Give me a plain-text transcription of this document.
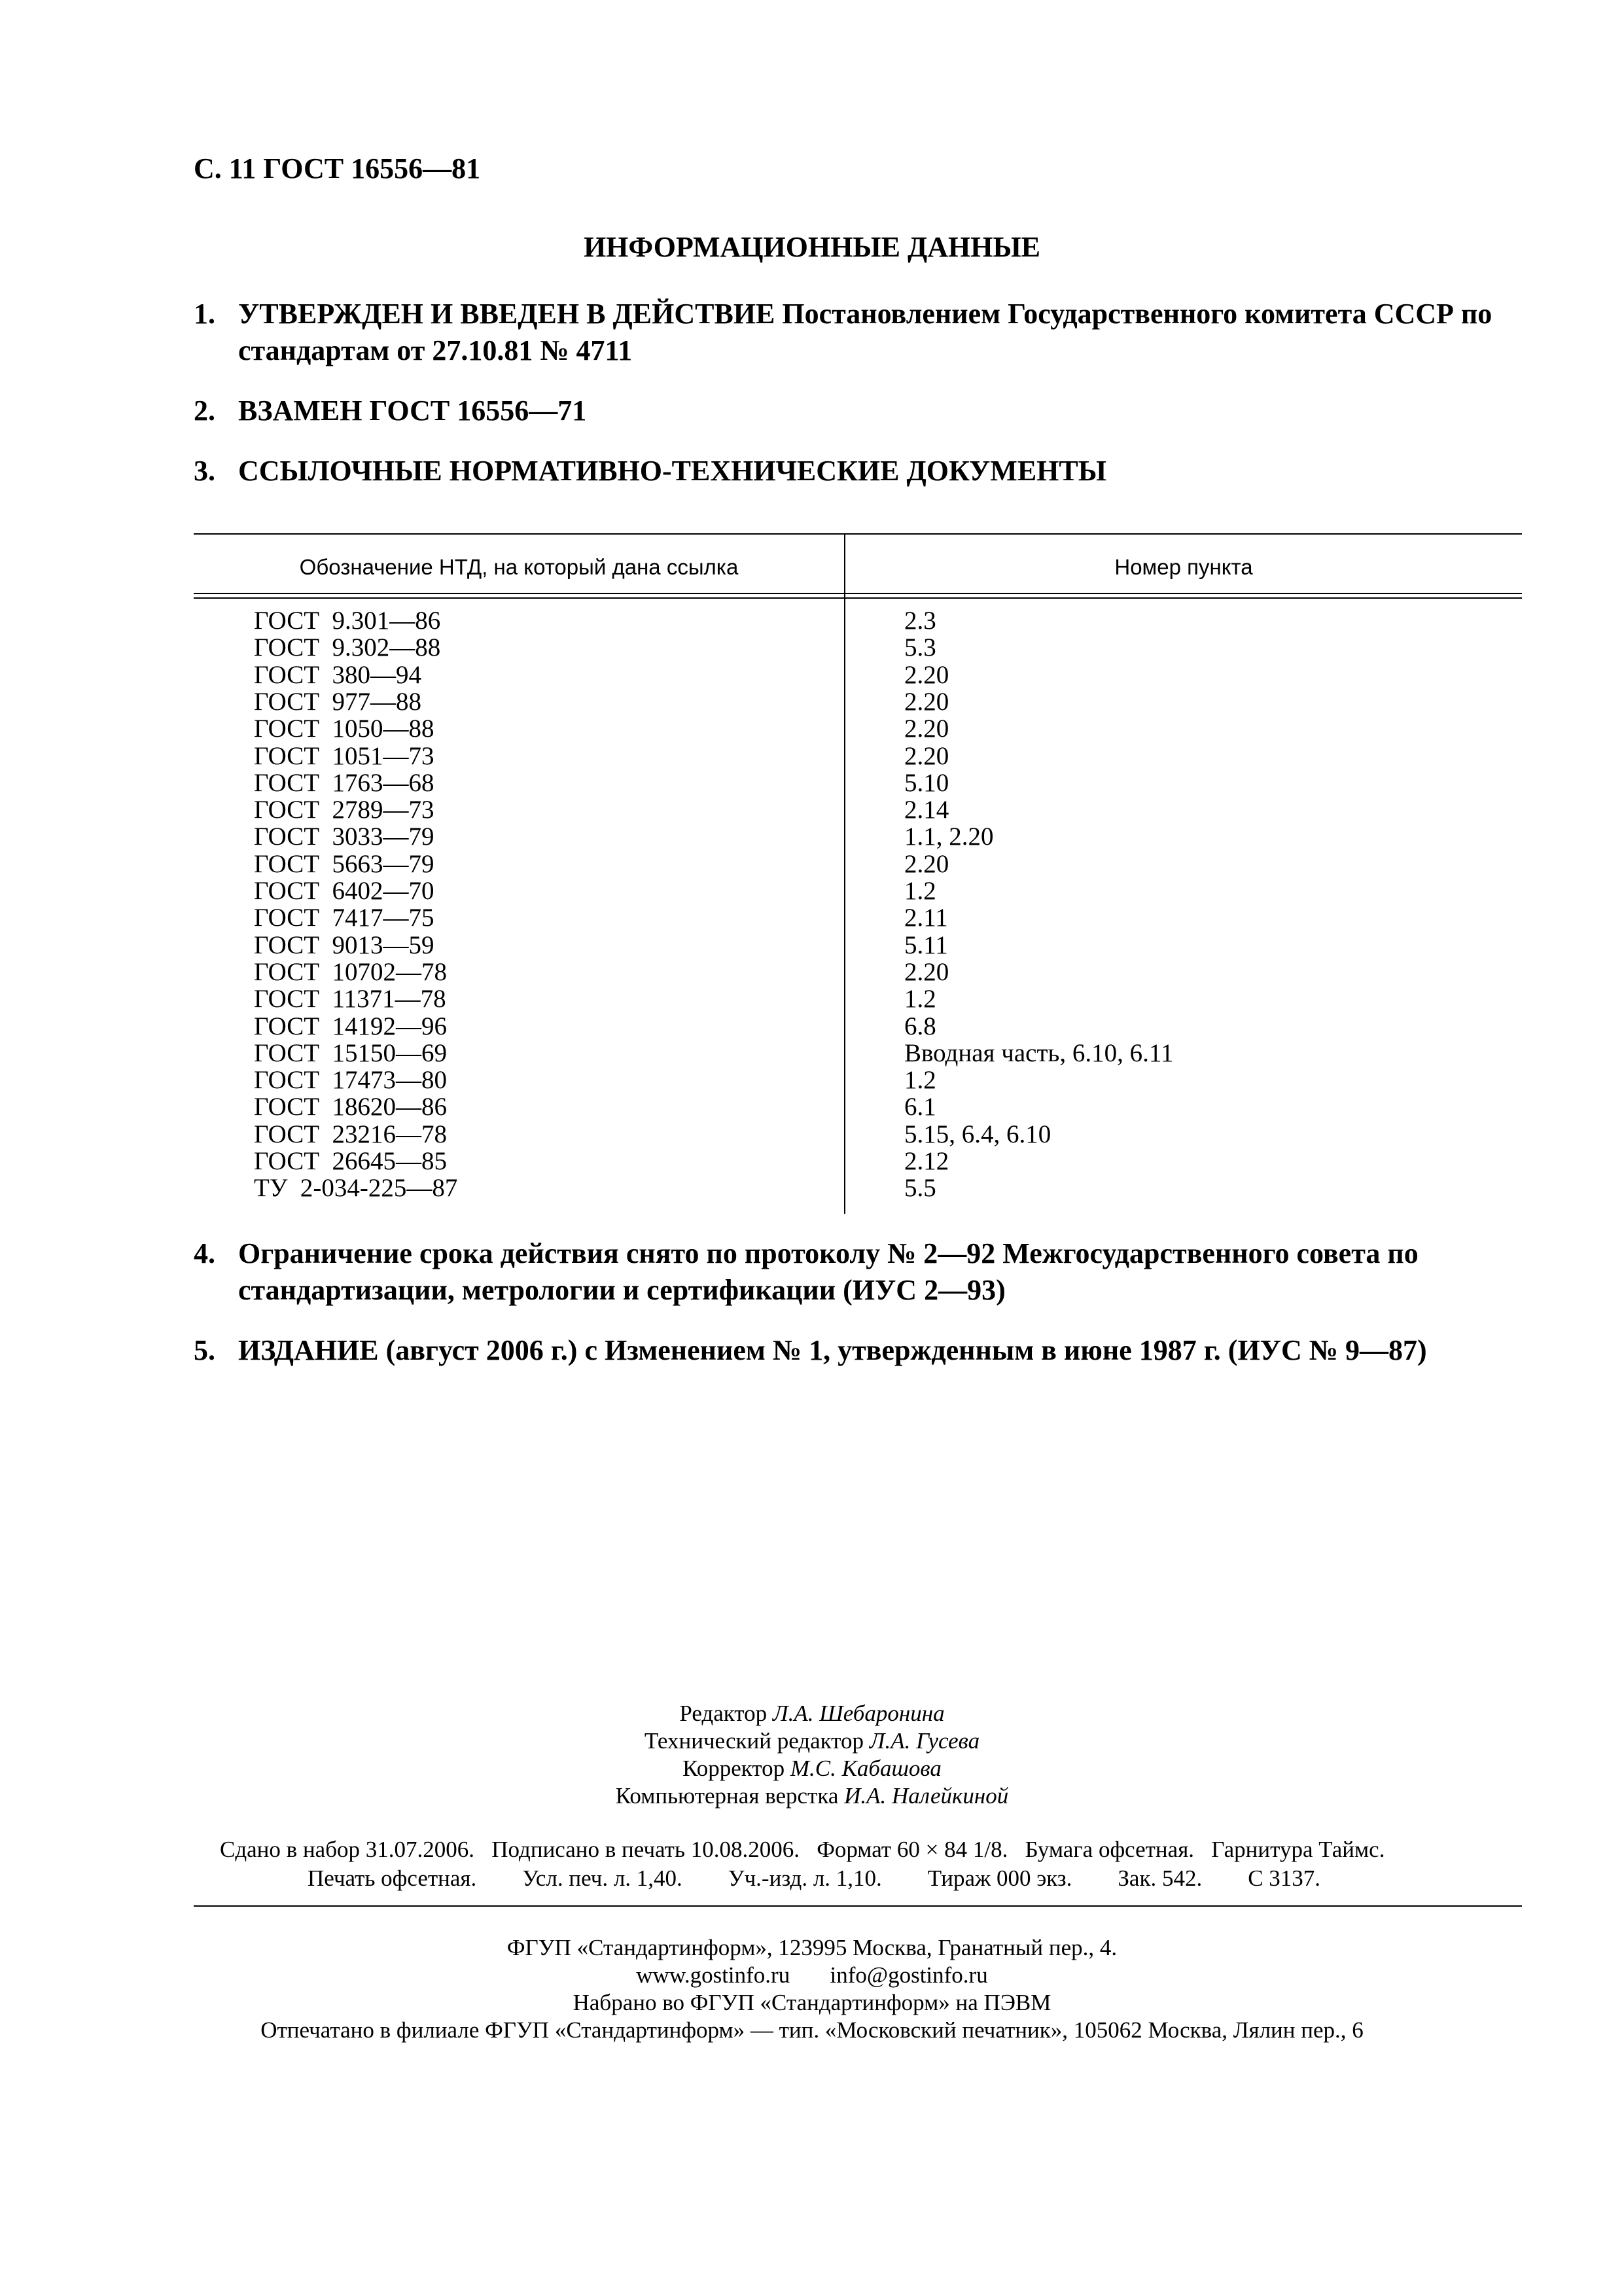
С. 11 ГОСТ 16556—81
ИНФОРМАЦИОННЫЕ ДАННЫЕ
1. УТВЕРЖДЕН И ВВЕДЕН В ДЕЙСТВИЕ Постановлением Государственного комитета СССР по стандартам от 27.10.81 № 4711
2. ВЗАМЕН ГОСТ 16556—71
3. ССЫЛОЧНЫЕ НОРМАТИВНО-ТЕХНИЧЕСКИЕ ДОКУМЕНТЫ
Обозначение НТД, на который дана ссылка	Номер пункта
ГОСТ  9.301—86	2.3
ГОСТ  9.302—88	5.3
ГОСТ  380—94	2.20
ГОСТ  977—88	2.20
ГОСТ  1050—88	2.20
ГОСТ  1051—73	2.20
ГОСТ  1763—68	5.10
ГОСТ  2789—73	2.14
ГОСТ  3033—79	1.1, 2.20
ГОСТ  5663—79	2.20
ГОСТ  6402—70	1.2
ГОСТ  7417—75	2.11
ГОСТ  9013—59	5.11
ГОСТ  10702—78	2.20
ГОСТ  11371—78	1.2
ГОСТ  14192—96	6.8
ГОСТ  15150—69	Вводная часть, 6.10, 6.11
ГОСТ  17473—80	1.2
ГОСТ  18620—86	6.1
ГОСТ  23216—78	5.15, 6.4, 6.10
ГОСТ  26645—85	2.12
ТУ  2-034-225—87	5.5
4. Ограничение срока действия снято по протоколу № 2—92 Межгосударственного совета по стандартизации, метрологии и сертификации (ИУС 2—93)
5. ИЗДАНИЕ (август 2006 г.) с Изменением № 1, утвержденным в июне 1987 г. (ИУС № 9—87)
Редактор Л.А. Шебаронина
Технический редактор Л.А. Гусева
Корректор М.С. Кабашова
Компьютерная верстка И.А. Налейкиной
Сдано в набор 31.07.2006.   Подписано в печать 10.08.2006.   Формат 60 × 84 1/8.   Бумага офсетная.   Гарнитура Таймс.
Печать офсетная.        Усл. печ. л. 1,40.        Уч.-изд. л. 1,10.        Тираж 000 экз.        Зак. 542.        С 3137.
ФГУП «Стандартинформ», 123995 Москва, Гранатный пер., 4.
www.gostinfo.ru       info@gostinfo.ru
Набрано во ФГУП «Стандартинформ» на ПЭВМ
Отпечатано в филиале ФГУП «Стандартинформ» — тип. «Московский печатник», 105062 Москва, Лялин пер., 6
